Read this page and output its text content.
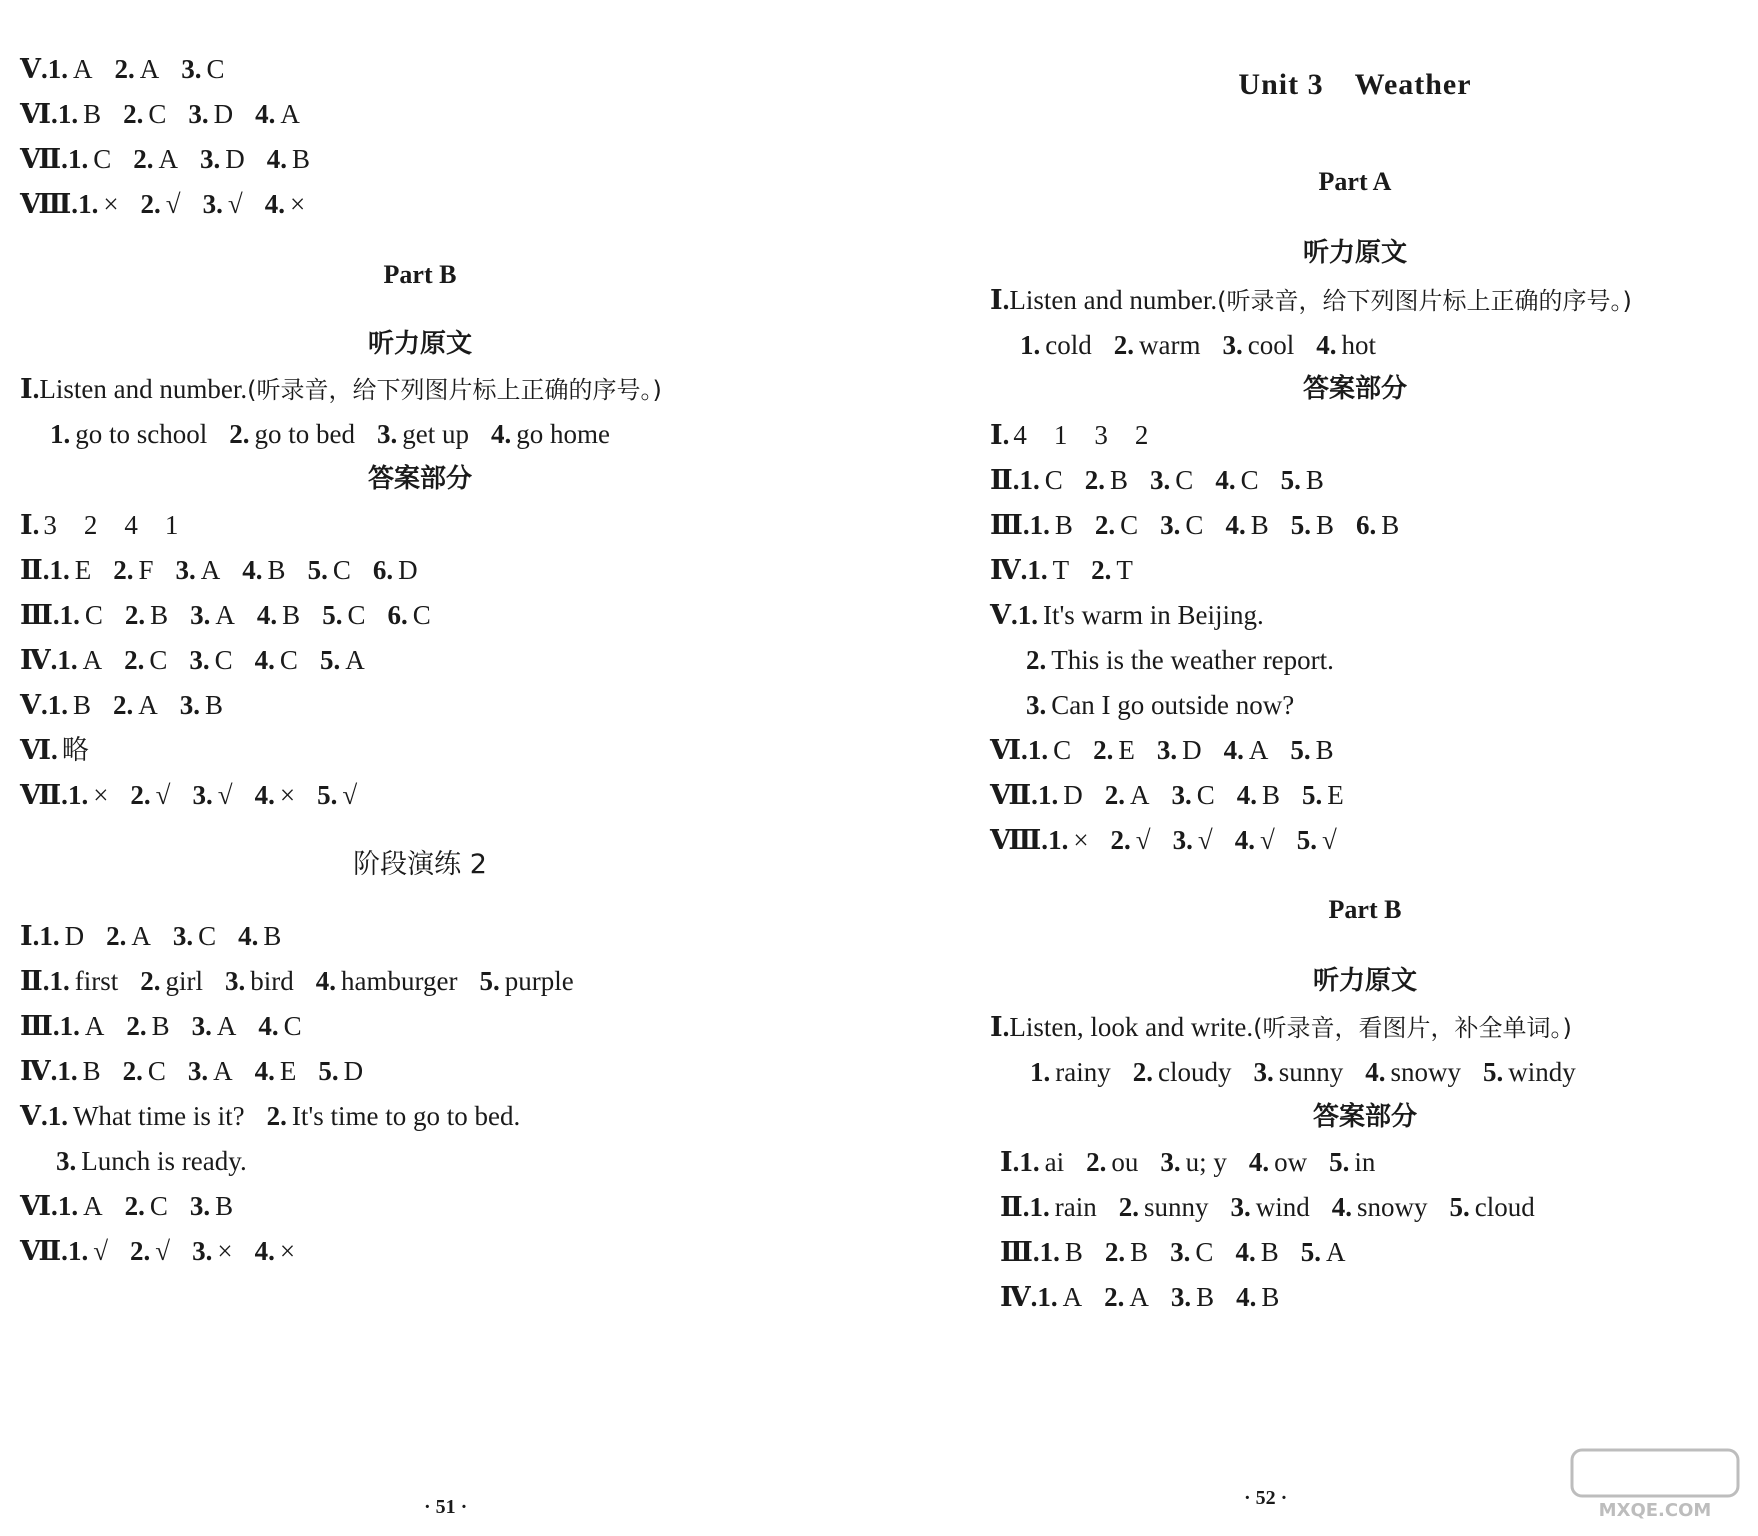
Ⅴ.1. A 2. A 3. C
Ⅵ.1. B 2. C 3. D 4. A
Ⅶ.1. C 2. A 3. D 4. B
Ⅷ.1. × 2. √ 3. √ 4. ×
Part B
听力原文
Ⅰ.Listen and number.(听录音，给下列图片标上正确的序号。)
1. go to school 2. go to bed 3. get up 4. go home
答案部分
Ⅰ. 3　2　4　1
Ⅱ.1. E 2. F 3. A 4. B 5. C 6. D
Ⅲ.1. C 2. B 3. A 4. B 5. C 6. C
Ⅳ.1. A 2. C 3. C 4. C 5. A
Ⅴ.1. B 2. A 3. B
Ⅵ. 略
Ⅶ.1. × 2. √ 3. √ 4. × 5. √
阶段演练 2
Ⅰ.1. D 2. A 3. C 4. B
Ⅱ.1. first 2. girl 3. bird 4. hamburger 5. purple
Ⅲ.1. A 2. B 3. A 4. C
Ⅳ.1. B 2. C 3. A 4. E 5. D
Ⅴ.1. What time is it? 2. It's time to go to bed.
3. Lunch is ready.
Ⅵ.1. A 2. C 3. B
Ⅶ.1. √ 2. √ 3. × 4. ×
Unit 3　Weather
Part A
听力原文
Ⅰ.Listen and number.(听录音，给下列图片标上正确的序号。)
1. cold 2. warm 3. cool 4. hot
答案部分
Ⅰ. 4　1　3　2
Ⅱ.1. C 2. B 3. C 4. C 5. B
Ⅲ.1. B 2. C 3. C 4. B 5. B 6. B
Ⅳ.1. T 2. T
Ⅴ.1. It's warm in Beijing.
2. This is the weather report.
3. Can I go outside now?
Ⅵ.1. C 2. E 3. D 4. A 5. B
Ⅶ.1. D 2. A 3. C 4. B 5. E
Ⅷ.1. × 2. √ 3. √ 4. √ 5. √
Part B
听力原文
Ⅰ.Listen, look and write.(听录音，看图片，补全单词。)
1. rainy 2. cloudy 3. sunny 4. snowy 5. windy
答案部分
Ⅰ.1. ai 2. ou 3. u; y 4. ow 5. in
Ⅱ.1. rain 2. sunny 3. wind 4. snowy 5. cloud
Ⅲ.1. B 2. B 3. C 4. B 5. A
Ⅳ.1. A 2. A 3. B 4. B
· 51 ·	· 52 ·
MXQE.COM
